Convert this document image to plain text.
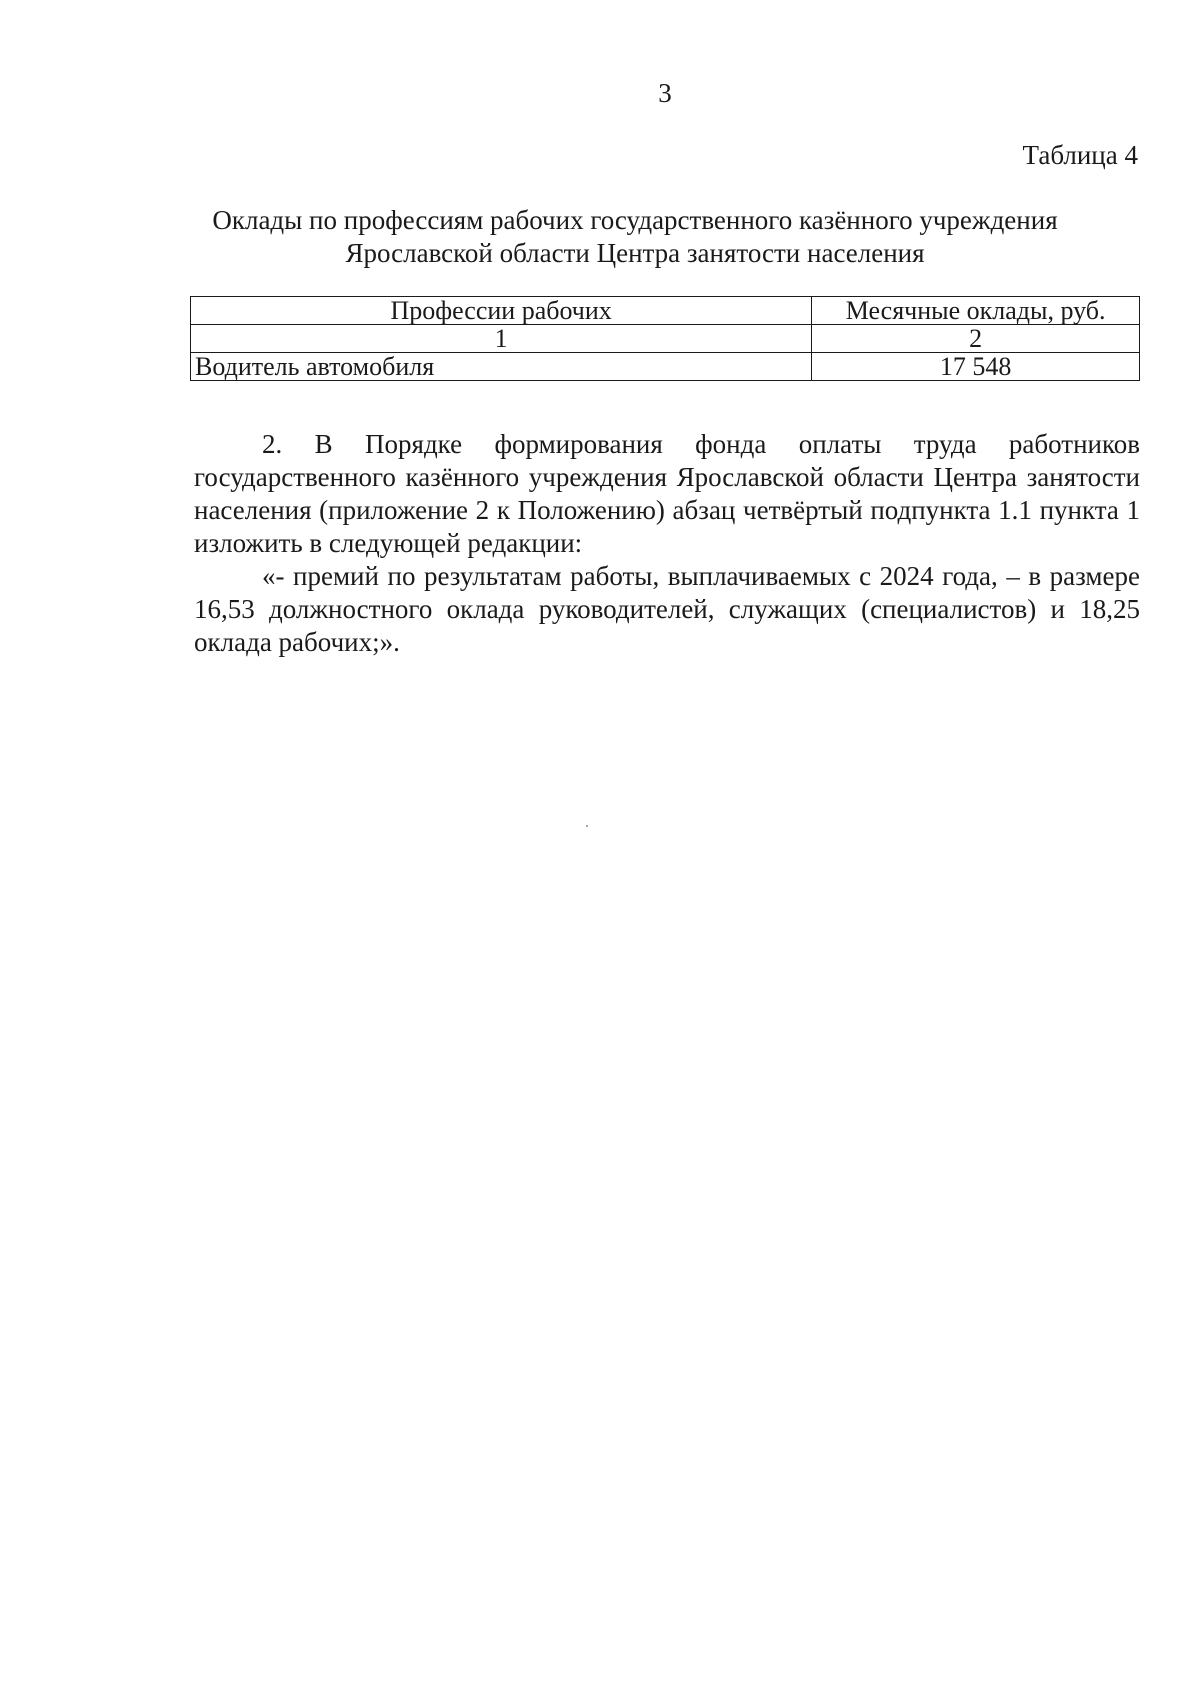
3
Таблица 4
Оклады по профессиям рабочих государственного казённого учреждения
Ярославской области Центра занятости населения
Профессии рабочих	Месячные оклады, руб.
1	2
Водитель автомобиля	17 548

2. В Порядке формирования фонда оплаты труда работников государственного казённого учреждения Ярославской области Центра занятости населения (приложение 2 к Положению) абзац четвёртый подпункта 1.1 пункта 1 изложить в следующей редакции:

«- премий по результатам работы, выплачиваемых с 2024 года, – в размере 16,53 должностного оклада руководителей, служащих (специалистов) и 18,25 оклада рабочих;».
